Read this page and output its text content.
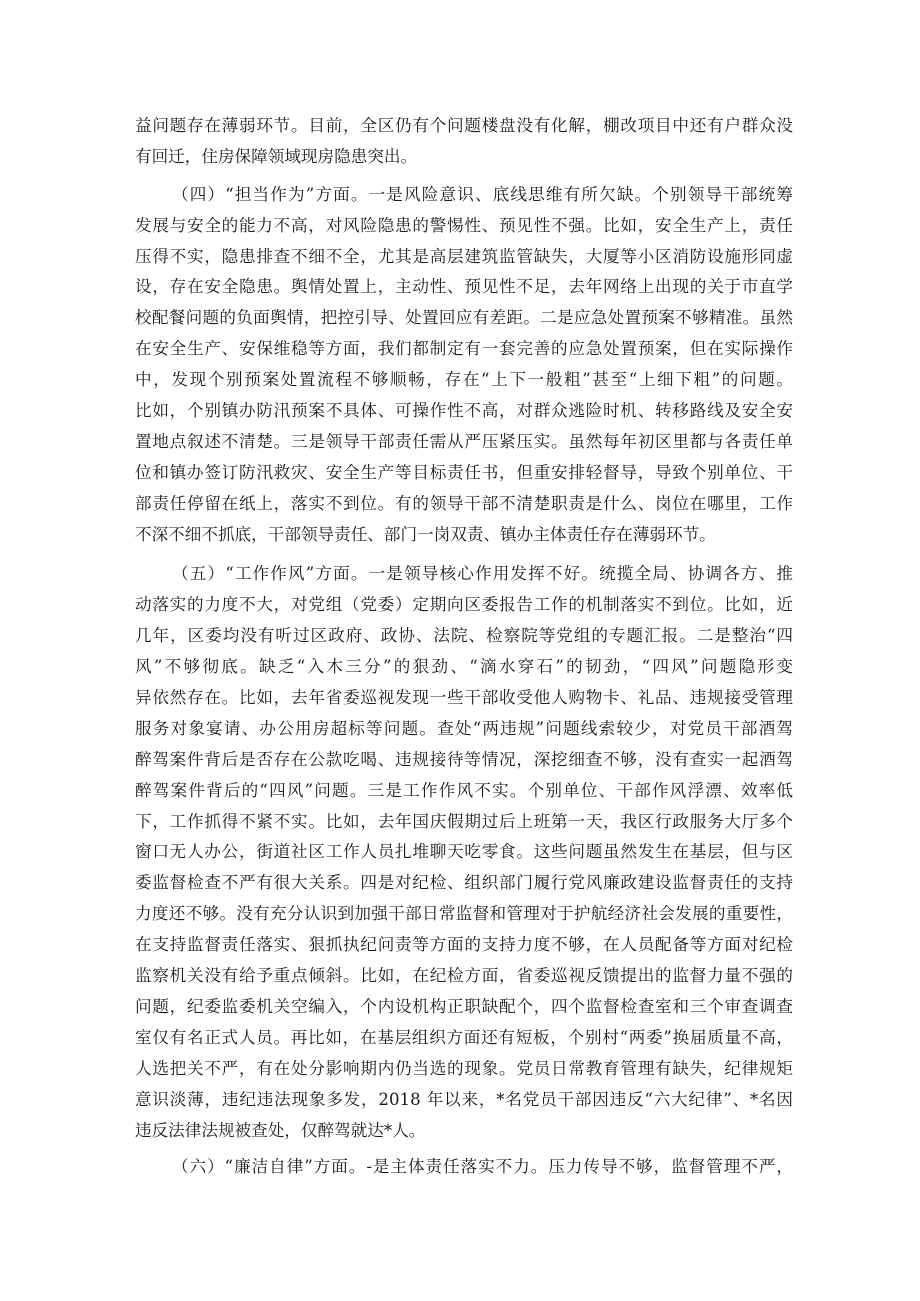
益问题存在薄弱环节。目前，全区仍有个问题楼盘没有化解，棚改项目中还有户群众没
有回迁，住房保障领域现房隐患突出。
（四）“担当作为”方面。一是风险意识、底线思维有所欠缺。个别领导干部统筹
发展与安全的能力不高，对风险隐患的警惕性、预见性不强。比如，安全生产上，责任
压得不实，隐患排查不细不全，尤其是高层建筑监管缺失，大厦等小区消防设施形同虚
设，存在安全隐患。舆情处置上，主动性、预见性不足，去年网络上出现的关于市直学
校配餐问题的负面舆情，把控引导、处置回应有差距。二是应急处置预案不够精准。虽然
在安全生产、安保维稳等方面，我们都制定有一套完善的应急处置预案，但在实际操作
中，发现个别预案处置流程不够顺畅，存在“上下一般粗”甚至“上细下粗”的问题。
比如，个别镇办防汛预案不具体、可操作性不高，对群众逃险时机、转移路线及安全安
置地点叙述不清楚。三是领导干部责任需从严压紧压实。虽然每年初区里都与各责任单
位和镇办签订防汛救灾、安全生产等目标责任书，但重安排轻督导，导致个别单位、干
部责任停留在纸上，落实不到位。有的领导干部不清楚职责是什么、岗位在哪里，工作
不深不细不抓底，干部领导责任、部门一岗双责、镇办主体责任存在薄弱环节。
（五）“工作作风”方面。一是领导核心作用发挥不好。统揽全局、协调各方、推
动落实的力度不大，对党组（党委）定期向区委报告工作的机制落实不到位。比如，近
几年，区委均没有听过区政府、政协、法院、检察院等党组的专题汇报。二是整治“四
风”不够彻底。缺乏“入木三分”的狠劲、“滴水穿石”的韧劲，“四风”问题隐形变
异依然存在。比如，去年省委巡视发现一些干部收受他人购物卡、礼品、违规接受管理
服务对象宴请、办公用房超标等问题。查处“两违规”问题线索较少，对党员干部酒驾
醉驾案件背后是否存在公款吃喝、违规接待等情况，深挖细查不够，没有查实一起酒驾
醉驾案件背后的“四风”问题。三是工作作风不实。个别单位、干部作风浮漂、效率低
下，工作抓得不紧不实。比如，去年国庆假期过后上班第一天，我区行政服务大厅多个
窗口无人办公，街道社区工作人员扎堆聊天吃零食。这些问题虽然发生在基层，但与区
委监督检查不严有很大关系。四是对纪检、组织部门履行党风廉政建设监督责任的支持
力度还不够。没有充分认识到加强干部日常监督和管理对于护航经济社会发展的重要性，
在支持监督责任落实、狠抓执纪问责等方面的支持力度不够，在人员配备等方面对纪检
监察机关没有给予重点倾斜。比如，在纪检方面，省委巡视反馈提出的监督力量不强的
问题，纪委监委机关空编入，个内设机构正职缺配个，四个监督检查室和三个审查调查
室仅有名正式人员。再比如，在基层组织方面还有短板，个别村“两委”换届质量不高，
人选把关不严，有在处分影响期内仍当选的现象。党员日常教育管理有缺失，纪律规矩
意识淡薄，违纪违法现象多发，2018 年以来，*名党员干部因违反“六大纪律”、*名因
违反法律法规被查处，仅醉驾就达*人。
（六）“廉洁自律”方面。-是主体责任落实不力。压力传导不够，监督管理不严，
